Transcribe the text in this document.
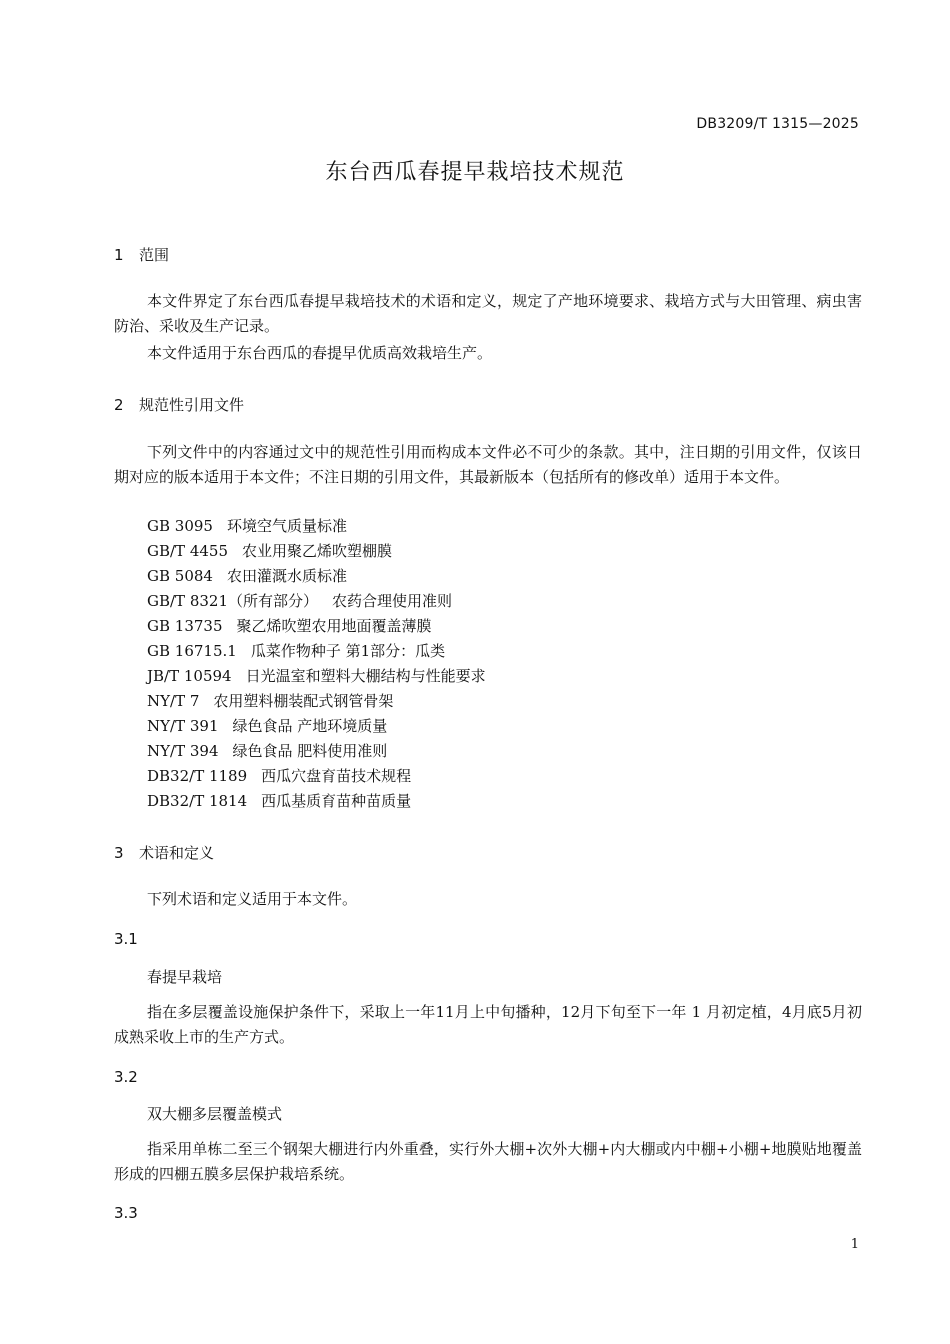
DB3209/T 1315—2025
东台西瓜春提早栽培技术规范
1 范围
本文件界定了东台西瓜春提早栽培技术的术语和定义，规定了产地环境要求、栽培方式与大田管理、病虫害防治、采收及生产记录。
本文件适用于东台西瓜的春提早优质高效栽培生产。
2 规范性引用文件
下列文件中的内容通过文中的规范性引用而构成本文件必不可少的条款。其中，注日期的引用文件，仅该日期对应的版本适用于本文件；不注日期的引用文件，其最新版本（包括所有的修改单）适用于本文件。
GB 3095 环境空气质量标准
GB/T 4455 农业用聚乙烯吹塑棚膜
GB 5084 农田灌溉水质标准
GB/T 8321（所有部分） 农药合理使用准则
GB 13735 聚乙烯吹塑农用地面覆盖薄膜
GB 16715.1 瓜菜作物种子 第1部分：瓜类
JB/T 10594 日光温室和塑料大棚结构与性能要求
NY/T 7 农用塑料棚装配式钢管骨架
NY/T 391 绿色食品 产地环境质量
NY/T 394 绿色食品 肥料使用准则
DB32/T 1189 西瓜穴盘育苗技术规程
DB32/T 1814 西瓜基质育苗种苗质量
3 术语和定义
下列术语和定义适用于本文件。
3.1
春提早栽培
指在多层覆盖设施保护条件下，采取上一年11月上中旬播种，12月下旬至下一年 1 月初定植，4月底5月初成熟采收上市的生产方式。
3.2
双大棚多层覆盖模式
指采用单栋二至三个钢架大棚进行内外重叠，实行外大棚+次外大棚+内大棚或内中棚+小棚+地膜贴地覆盖形成的四棚五膜多层保护栽培系统。
3.3
1
